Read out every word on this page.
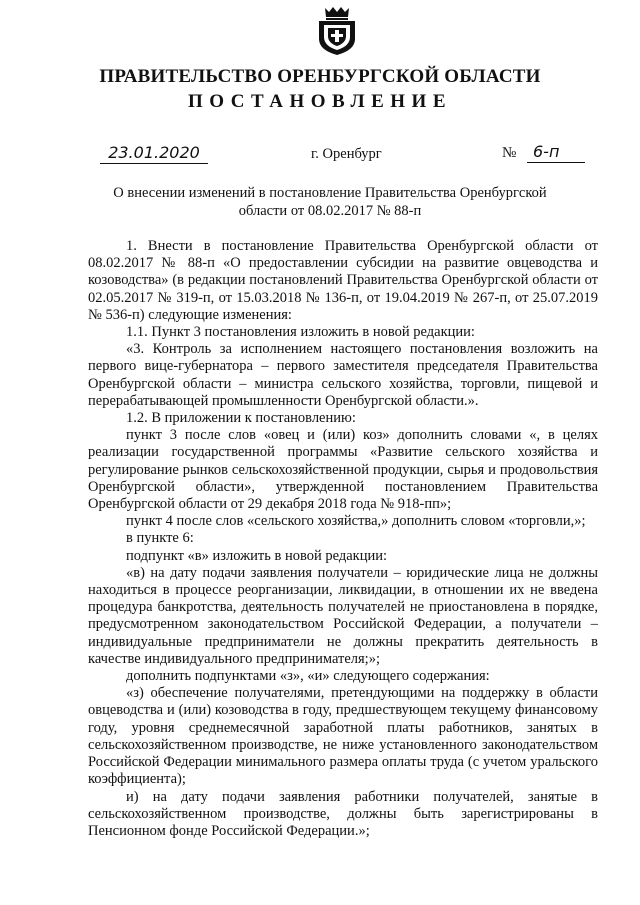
ПРАВИТЕЛЬСТВО ОРЕНБУРГСКОЙ ОБЛАСТИ
ПОСТАНОВЛЕНИЕ
23.01.2020	г. Оренбург	№	6-п
О внесении изменений в постановление Правительства Оренбургской области от 08.02.2017 № 88-п

1. Внести в постановление Правительства Оренбургской области от 08.02.2017 № 88-п «О предоставлении субсидии на развитие овцеводства и козоводства» (в редакции постановлений Правительства Оренбургской области от 02.05.2017 № 319-п, от 15.03.2018 № 136-п, от 19.04.2019 № 267-п, от 25.07.2019 № 536-п) следующие изменения:

1.1. Пункт 3 постановления изложить в новой редакции:

«3. Контроль за исполнением настоящего постановления возложить на первого вице-губернатора – первого заместителя председателя Правительства Оренбургской области – министра сельского хозяйства, торговли, пищевой и перерабатывающей промышленности Оренбургской области.».

1.2. В приложении к постановлению:

пункт 3 после слов «овец и (или) коз» дополнить словами «, в целях реализации государственной программы «Развитие сельского хозяйства и регулирование рынков сельскохозяйственной продукции, сырья и продовольствия Оренбургской области», утвержденной постановлением Правительства Оренбургской области от 29 декабря 2018 года № 918-пп»;

пункт 4 после слов «сельского хозяйства,» дополнить словом «торговли,»;

в пункте 6:

подпункт «в» изложить в новой редакции:

«в) на дату подачи заявления получатели – юридические лица не должны находиться в процессе реорганизации, ликвидации, в отношении их не введена процедура банкротства, деятельность получателей не приостановлена в порядке, предусмотренном законодательством Российской Федерации, а получатели – индивидуальные предприниматели не должны прекратить деятельность в качестве индивидуального предпринимателя;»;

дополнить подпунктами «з», «и» следующего содержания:

«з) обеспечение получателями, претендующими на поддержку в области овцеводства и (или) козоводства в году, предшествующем текущему финансовому году, уровня среднемесячной заработной платы работников, занятых в сельскохозяйственном производстве, не ниже установленного законодательством Российской Федерации минимального размера оплаты труда (с учетом уральского коэффициента);

и) на дату подачи заявления работники получателей, занятые в сельскохозяйственном производстве, должны быть зарегистрированы в Пенсионном фонде Российской Федерации.»;
